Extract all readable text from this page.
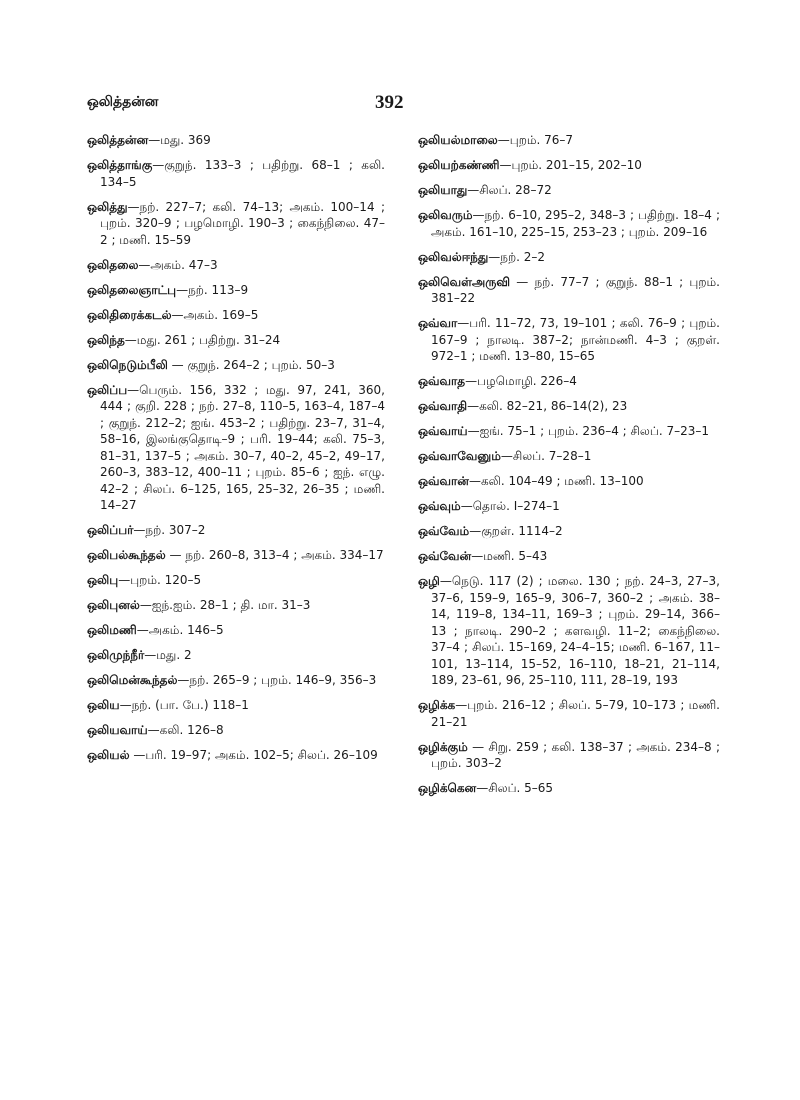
ஒலித்தன்ன	392

ஒலித்தன்ன—மது. 369

ஒலித்தாங்கு—குறுந். 133–3 ; பதிற்று. 68–1 ; கலி. 134–5

ஒலித்து—நற். 227–7; கலி. 74–13; அகம். 100–14 ; புறம். 320–9 ; பழமொழி. 190–3 ; கைந்நிலை. 47–2 ; மணி. 15–59

ஒலிதலை—அகம். 47–3

ஒலிதலைஞாட்பு—நற். 113–9

ஒலிதிரைக்கடல்—அகம். 169–5

ஒலிந்த—மது. 261 ; பதிற்று. 31–24

ஒலிநெடும்பீலி — குறுந். 264–2 ; புறம். 50–3

ஒலிப்ப—பெரும். 156, 332 ; மது. 97, 241, 360, 444 ; குறி. 228 ; நற். 27–8, 110–5, 163–4, 187–4 ; குறுந். 212–2; ஐங். 453–2 ; பதிற்று. 23–7, 31–4, 58–16, இலங்குதொடி–9 ; பரி. 19–44; கலி. 75–3, 81–31, 137–5 ; அகம். 30–7, 40–2, 45–2, 49–17, 260–3, 383–12, 400–11 ; புறம். 85–6 ; ஐந். எழு. 42–2 ; சிலப். 6–125, 165, 25–32, 26–35 ; மணி. 14–27

ஒலிப்பர்—நற். 307–2

ஒலிபல்கூந்தல் — நற். 260–8, 313–4 ; அகம். 334–17

ஒலிபு—புறம். 120–5

ஒலிபுனல்—ஐந்.ஐம். 28–1 ; தி. மா. 31–3

ஒலிமணி—அகம். 146–5

ஒலிமுந்நீர்—மது. 2

ஒலிமென்கூந்தல்—நற். 265–9 ; புறம். 146–9, 356–3

ஒலிய—நற். (பா. பே.) 118–1

ஒலியவாய்—கலி. 126–8

ஒலியல் —பரி. 19–97; அகம். 102–5; சிலப். 26–109

ஒலியல்மாலை—புறம். 76–7

ஒலியற்கண்ணி—புறம். 201–15, 202–10

ஒலியாது—சிலப். 28–72

ஒலிவரும்—நற். 6–10, 295–2, 348–3 ; பதிற்று. 18–4 ; அகம். 161–10, 225–15, 253–23 ; புறம். 209–16

ஒலிவல்ஈந்து—நற். 2–2

ஒலிவெள்அருவி — நற். 77–7 ; குறுந். 88–1 ; புறம். 381–22

ஒவ்வா—பரி. 11–72, 73, 19–101 ; கலி. 76–9 ; புறம். 167–9 ; நாலடி. 387–2; நான்மணி. 4–3 ; குறள். 972–1 ; மணி. 13–80, 15–65

ஒவ்வாத—பழமொழி. 226–4

ஒவ்வாதி—கலி. 82–21, 86–14(2), 23

ஒவ்வாய்—ஐங். 75–1 ; புறம். 236–4 ; சிலப். 7–23–1

ஒவ்வாவேனும்—சிலப். 7–28–1

ஒவ்வான்—கலி. 104–49 ; மணி. 13–100

ஒவ்வும்—தொல். I–274–1

ஒவ்வேம்—குறள். 1114–2

ஒவ்வேன்—மணி. 5–43

ஒழி—நெடு. 117 (2) ; மலை. 130 ; நற். 24–3, 27–3, 37–6, 159–9, 165–9, 306–7, 360–2 ; அகம். 38–14, 119–8, 134–11, 169–3 ; புறம். 29–14, 366–13 ; நாலடி. 290–2 ; களவழி. 11–2; கைந்நிலை. 37–4 ; சிலப். 15–169, 24–4–15; மணி. 6–167, 11–101, 13–114, 15–52, 16–110, 18–21, 21–114, 189, 23–61, 96, 25–110, 111, 28–19, 193

ஒழிக்க—புறம். 216–12 ; சிலப். 5–79, 10–173 ; மணி. 21–21

ஒழிக்கும் — சிறு. 259 ; கலி. 138–37 ; அகம். 234–8 ; புறம். 303–2

ஒழிக்கென—சிலப். 5–65
